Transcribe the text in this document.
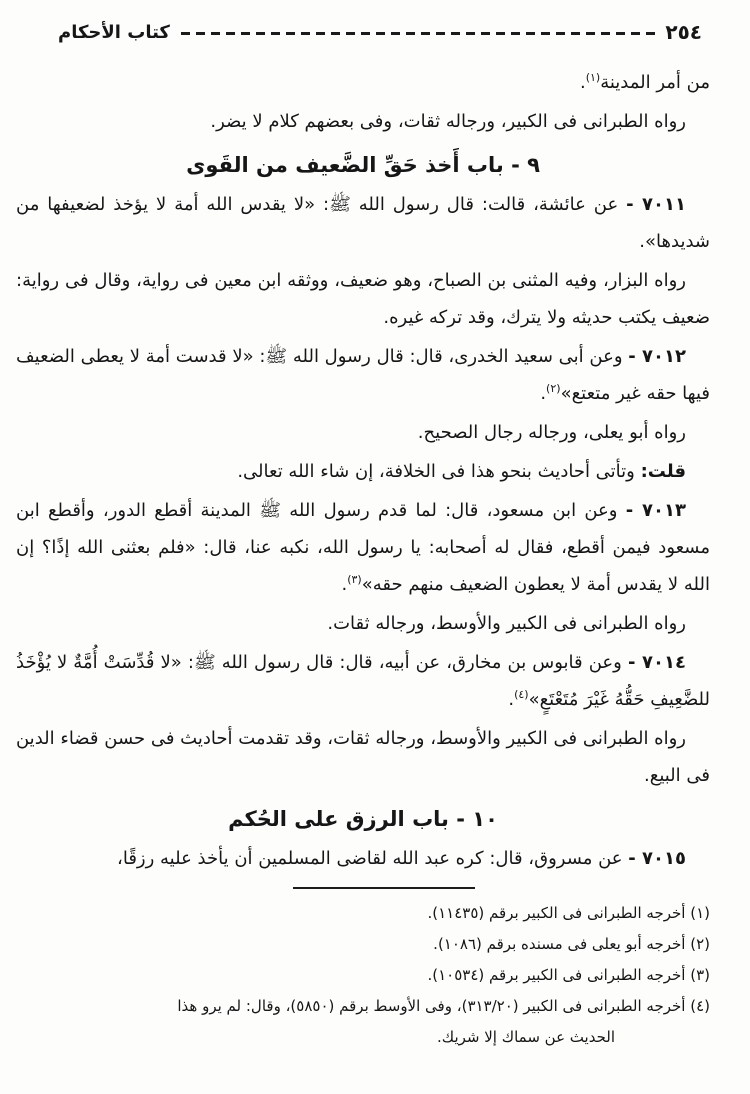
٢٥٤
كتاب الأحكام

من أمر المدينة$^{(١)}$.

رواه الطبرانى فى الكبير، ورجاله ثقات، وفى بعضهم كلام لا يضر.

٩ - باب أَخذ حَقِّ الضَّعيف من القَوى

٧٠١١ - عن عائشة، قالت: قال رسول الله ﷺ: «لا يقدس الله أمة لا يؤخذ لضعيفها من شديدها».

رواه البزار، وفيه المثنى بن الصباح، وهو ضعيف، ووثقه ابن معين فى رواية، وقال فى رواية: ضعيف يكتب حديثه ولا يترك، وقد تركه غيره.

٧٠١٢ - وعن أبى سعيد الخدرى، قال: قال رسول الله ﷺ: «لا قدست أمة لا يعطى الضعيف فيها حقه غير متعتع»$^{(٢)}$.

رواه أبو يعلى، ورجاله رجال الصحيح.

قلت: وتأتى أحاديث بنحو هذا فى الخلافة، إن شاء الله تعالى.

٧٠١٣ - وعن ابن مسعود، قال: لما قدم رسول الله ﷺ المدينة أقطع الدور، وأقطع ابن مسعود فيمن أقطع، فقال له أصحابه: يا رسول الله، نكبه عنا، قال: «فلم بعثنى الله إذًا؟ إن الله لا يقدس أمة لا يعطون الضعيف منهم حقه»$^{(٣)}$.

رواه الطبرانى فى الكبير والأوسط، ورجاله ثقات.

٧٠١٤ - وعن قابوس بن مخارق، عن أبيه، قال: قال رسول الله ﷺ: «لا قُدِّسَتْ أُمَّةٌ لا يُؤْخَذُ للضَّعِيفِ حَقُّهُ غَيْرَ مُتَعْتَعٍ»$^{(٤)}$.

رواه الطبرانى فى الكبير والأوسط، ورجاله ثقات، وقد تقدمت أحاديث فى حسن قضاء الدين فى البيع.

١٠ - باب الرزق على الحُكم

٧٠١٥ - عن مسروق، قال: كره عبد الله لقاضى المسلمين أن يأخذ عليه رزقًا،

(١) أخرجه الطبرانى فى الكبير برقم (١١٤٣٥).

(٢) أخرجه أبو يعلى فى مسنده برقم (١٠٨٦).

(٣) أخرجه الطبرانى فى الكبير برقم (١٠٥٣٤).

(٤) أخرجه الطبرانى فى الكبير (٣١٣/٢٠)، وفى الأوسط برقم (٥٨٥٠)، وقال: لم يرو هذا

الحديث عن سماك إلا شريك.
